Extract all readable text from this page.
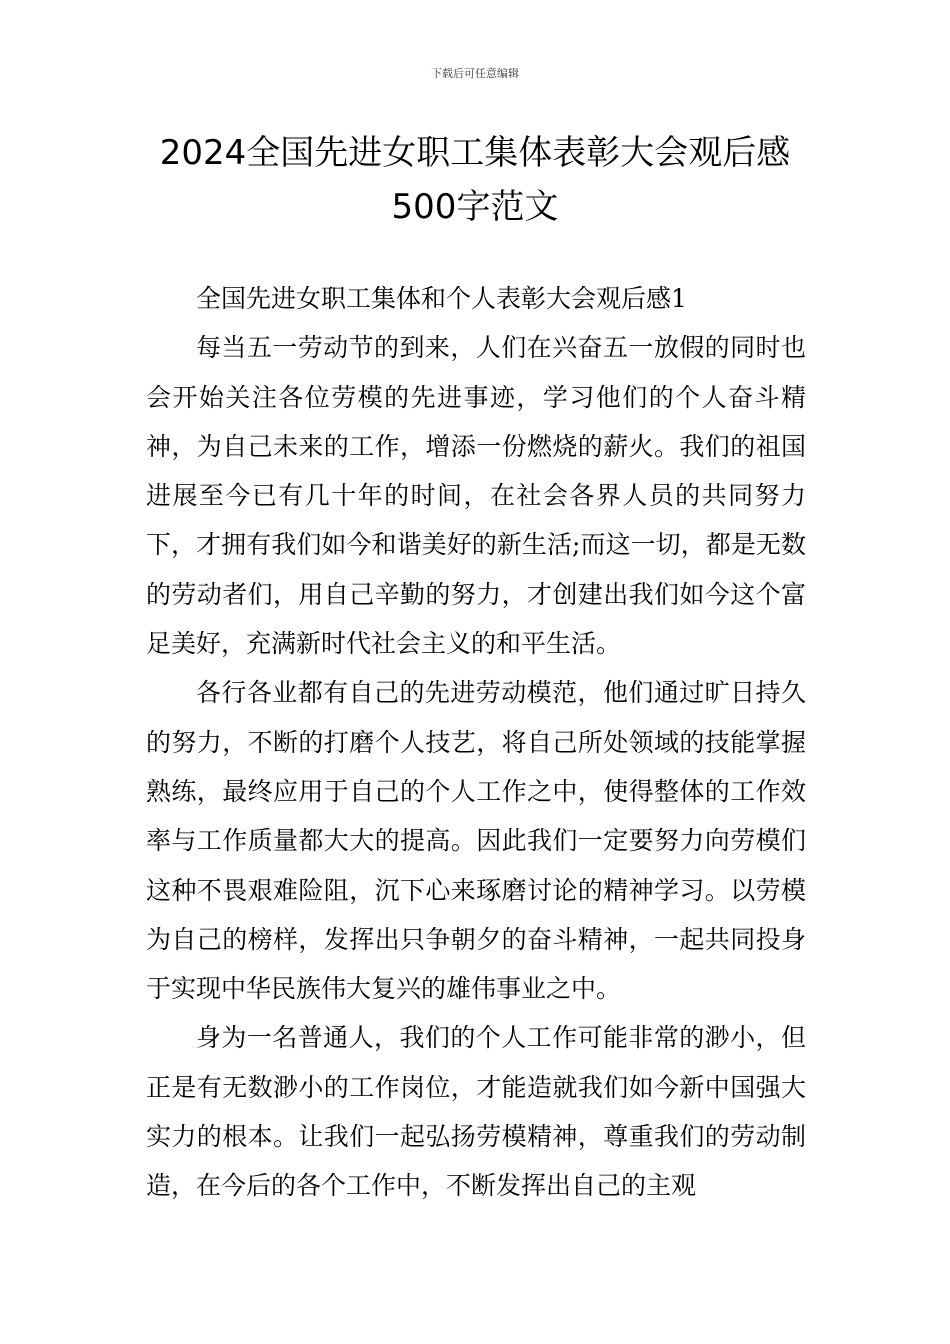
下载后可任意编辑
2024全国先进女职工集体表彰大会观后感
500字范文

全国先进女职工集体和个人表彰大会观后感1

每当五一劳动节的到来，人们在兴奋五一放假的同时也会开始关注各位劳模的先进事迹，学习他们的个人奋斗精神，为自己未来的工作，增添一份燃烧的薪火。我们的祖国进展至今已有几十年的时间，在社会各界人员的共同努力下，才拥有我们如今和谐美好的新生活;而这一切，都是无数的劳动者们，用自己辛勤的努力，才创建出我们如今这个富足美好，充满新时代社会主义的和平生活。

各行各业都有自己的先进劳动模范，他们通过旷日持久的努力，不断的打磨个人技艺，将自己所处领域的技能掌握熟练，最终应用于自己的个人工作之中，使得整体的工作效率与工作质量都大大的提高。因此我们一定要努力向劳模们这种不畏艰难险阻，沉下心来琢磨讨论的精神学习。以劳模为自己的榜样，发挥出只争朝夕的奋斗精神，一起共同投身于实现中华民族伟大复兴的雄伟事业之中。

身为一名普通人，我们的个人工作可能非常的渺小，但正是有无数渺小的工作岗位，才能造就我们如今新中国强大实力的根本。让我们一起弘扬劳模精神，尊重我们的劳动制造，在今后的各个工作中，不断发挥出自己的主观
